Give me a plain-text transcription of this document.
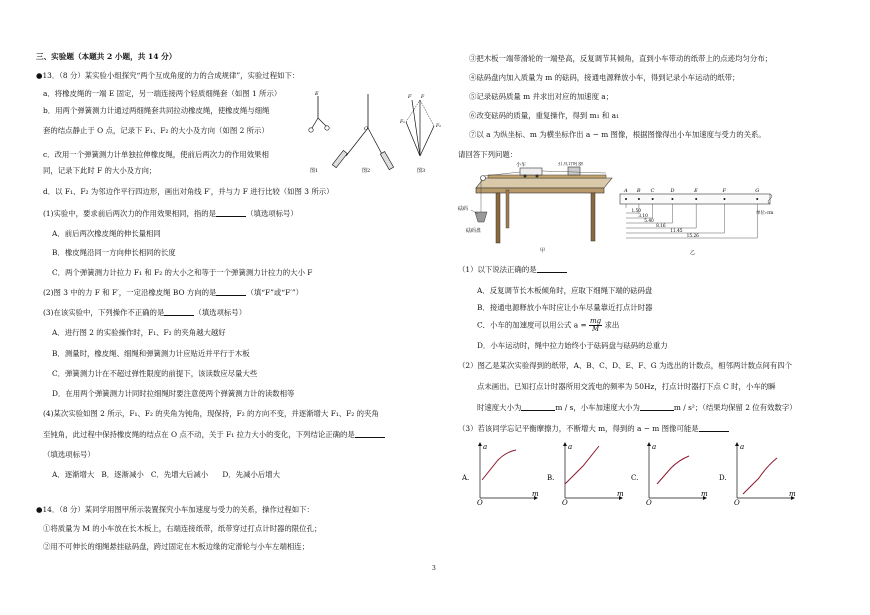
三、实验题（本题共 2 小题，共 14 分）
●13．（8 分）某实验小组探究“两个互成角度的力的合成规律”，实验过程如下：
a．将橡皮绳的一端 E 固定，另一端连接两个轻质细绳套（如图 1 所示）
b．用两个弹簧测力计通过两细绳套共同拉动橡皮绳，使橡皮绳与细绳
套的结点静止于 O 点，记录下 F₁、F₂ 的大小及方向（如图 2 所示）
c．改用一个弹簧测力计单独拉伸橡皮绳，使前后两次力的作用效果相
同，记录下此时 F 的大小及方向；
d．以 F₁、F₂ 为邻边作平行四边形，画出对角线 F′，并与力 F 进行比较（如图 3 所示）
E
图1
O
图2
F₁
F₂
F′ F
图3
(1)实验中，要求前后两次力的作用效果相同，指的是	（填选项标号）
A．前后两次橡皮绳的伸长量相同
B．橡皮绳沿同一方向伸长相同的长度
C．两个弹簧测力计拉力 F₁ 和 F₂ 的大小之和等于一个弹簧测力计拉力的大小 F
(2)图 3 中的力 F 和 F′，一定沿橡皮绳 BO 方向的是	（填“F”或“F′”）
(3)在该实验中，下列操作不正确的是	（填选项标号）
A．进行图 2 的实验操作时，F₁、F₂ 的夹角越大越好
B．测量时，橡皮绳、细绳和弹簧测力计应贴近并平行于木板
C．弹簧测力计在不超过弹性限度的前提下，该读数应尽量大些
D．在用两个弹簧测力计同时拉细绳时要注意使两个弹簧测力计的读数相等
(4)某次实验如图 2 所示，F₁、F₂ 的夹角为钝角，现保持，F₂ 的方向不变，并逐渐增大 F₁、F₂ 的夹角
至钝角，此过程中保持橡皮绳的结点在 O 点不动，关于 F₁ 拉力大小的变化，下列结论正确的是
（填选项标号）
A．逐渐增大 B．逐渐减小 C．先增大后减小 D．先减小后增大
●14．（8 分）某同学用图甲所示装置探究小车加速度与受力的关系，操作过程如下：
①将质量为 M 的小车放在长木板上，右端连接纸带，纸带穿过打点计时器的限位孔；
②用不可伸长的细绳悬挂砝码盘，跨过固定在木板边缘的定滑轮与小车左端相连；
③把木板一端带滑轮的一端垫高，反复调节其倾角，直到小车带动的纸带上的点迹均匀分布；
④砝码盘内加入质量为 m 的砝码，接通电源释放小车，得到记录小车运动的纸带；
⑤记录砝码质量 m 并求出对应的加速度 a；
⑥改变砝码的质量，重复操作，得到 m₁ 和 a₁
⑦以 a 为纵坐标、m 为横坐标作出 a − m 图像，根据图像得出小车加速度与受力的关系。
请回答下列问题：
小车	打点计时器
砝码
砝码盘
甲
A B C	D	E	F	G
1.50
3.10
5.40
8.16
11.45
15.26
单位:cm
乙
（1）以下说法正确的是
A．反复调节长木板倾角时，应取下细绳下端的砝码盘
B．接通电源释放小车时应让小车尽量靠近打点计时器
C．小车的加速度可以用公式 $a = \frac{mg}{M}$ 求出
D．小车运动时，绳中拉力始终小于砝码盘与砝码的总重力
（2）图乙是某次实验得到的纸带，A、B、C、D、E、F、G 为选出的计数点，相邻两计数点间有四个
点未画出。已知打点计时器所用交流电的频率为 50Hz，打点计时器打下点 C 时，小车的瞬
时速度大小为	m / s，小车加速度大小为	m / s²；（结果均保留 2 位有效数字）
（3）若该同学忘记平衡摩擦力，不断增大 m，得到的 a − m 图像可能是
a
m
O
A.
a
m
O
B.
a
m
O
C.
a
m
O
D.
3
